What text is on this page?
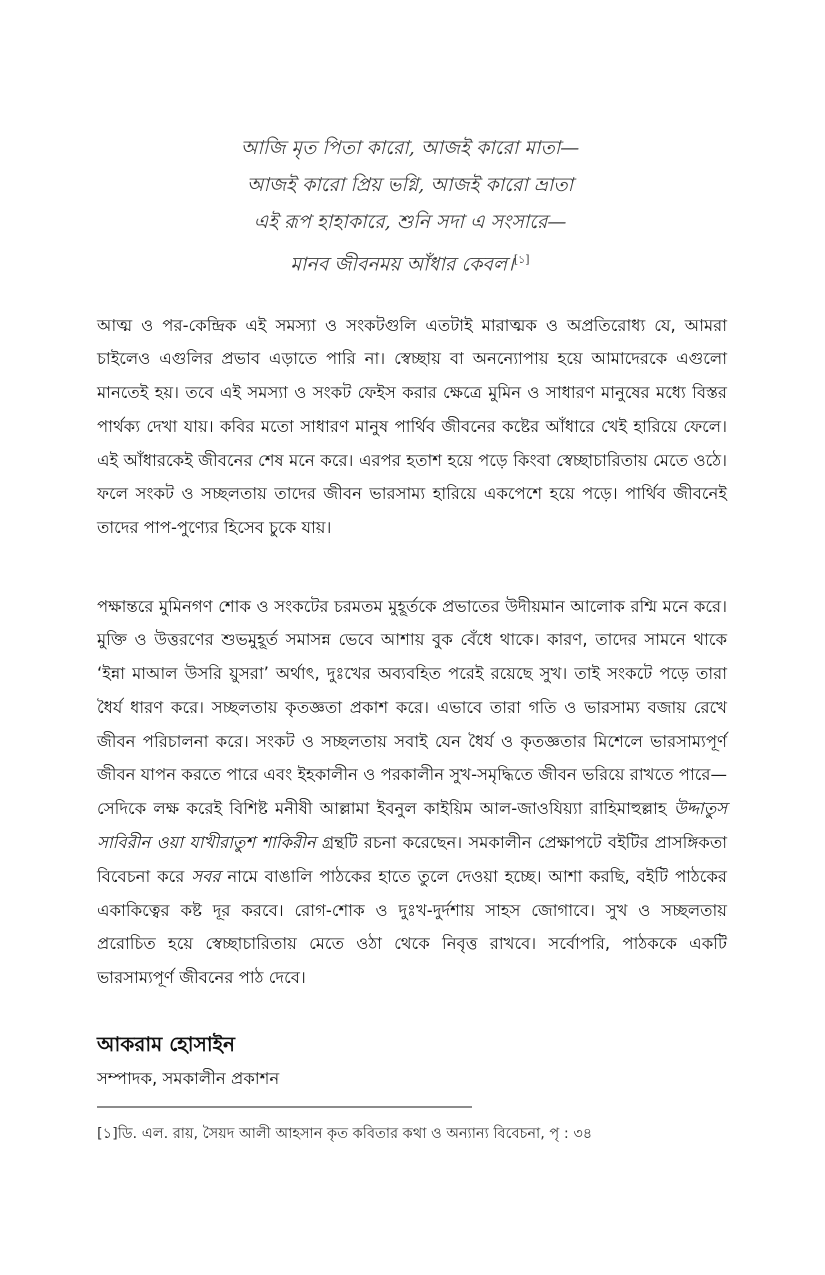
আজি মৃত পিতা কারো, আজই কারো মাতা—
আজই কারো প্রিয় ভগ্নি, আজই কারো ভ্রাতা
এই রূপ হাহাকারে, শুনি সদা এ সংসারে—
মানব জীবনময় আঁধার কেবল।[১]

আত্ম ও পর-কেন্দ্রিক এই সমস্যা ও সংকটগুলি এতটাই মারাত্মক ও অপ্রতিরোধ্য যে, আমরা চাইলেও এগুলির প্রভাব এড়াতে পারি না। স্বেচ্ছায় বা অনন্যোপায় হয়ে আমাদেরকে এগুলো মানতেই হয়। তবে এই সমস্যা ও সংকট ফেইস করার ক্ষেত্রে মুমিন ও সাধারণ মানুষের মধ্যে বিস্তর পার্থক্য দেখা যায়। কবির মতো সাধারণ মানুষ পার্থিব জীবনের কষ্টের আঁধারে খেই হারিয়ে ফেলে। এই আঁধারকেই জীবনের শেষ মনে করে। এরপর হতাশ হয়ে পড়ে কিংবা স্বেচ্ছাচারিতায় মেতে ওঠে। ফলে সংকট ও সচ্ছলতায় তাদের জীবন ভারসাম্য হারিয়ে একপেশে হয়ে পড়ে। পার্থিব জীবনেই তাদের পাপ-পুণ্যের হিসেব চুকে যায়।

পক্ষান্তরে মুমিনগণ শোক ও সংকটের চরমতম মুহূর্তকে প্রভাতের উদীয়মান আলোক রশ্মি মনে করে। মুক্তি ও উত্তরণের শুভমুহূর্ত সমাসন্ন ভেবে আশায় বুক বেঁধে থাকে। কারণ, তাদের সামনে থাকে ‘ইন্না মাআল উসরি য়ুসরা’ অর্থাৎ, দুঃখের অব্যবহিত পরেই রয়েছে সুখ। তাই সংকটে পড়ে তারা ধৈর্য ধারণ করে। সচ্ছলতায় কৃতজ্ঞতা প্রকাশ করে। এভাবে তারা গতি ও ভারসাম্য বজায় রেখে জীবন পরিচালনা করে। সংকট ও সচ্ছলতায় সবাই যেন ধৈর্য ও কৃতজ্ঞতার মিশেলে ভারসাম্যপূর্ণ জীবন যাপন করতে পারে এবং ইহকালীন ও পরকালীন সুখ-সমৃদ্ধিতে জীবন ভরিয়ে রাখতে পারে—সেদিকে লক্ষ করেই বিশিষ্ট মনীষী আল্লামা ইবনুল কাইয়িম আল-জাওযিয়্যা রাহিমাহুল্লাহ উদ্দাতুস সাবিরীন ওয়া যাখীরাতুশ শাকিরীন গ্রন্থটি রচনা করেছেন। সমকালীন প্রেক্ষাপটে বইটির প্রাসঙ্গিকতা বিবেচনা করে সবর নামে বাঙালি পাঠকের হাতে তুলে দেওয়া হচ্ছে। আশা করছি, বইটি পাঠকের একাকিত্বের কষ্ট দূর করবে। রোগ-শোক ও দুঃখ-দুর্দশায় সাহস জোগাবে। সুখ ও সচ্ছলতায় প্ররোচিত হয়ে স্বেচ্ছাচারিতায় মেতে ওঠা থেকে নিবৃত্ত রাখবে। সর্বোপরি, পাঠককে একটি ভারসাম্যপূর্ণ জীবনের পাঠ দেবে।

আকরাম হোসাইন
সম্পাদক, সমকালীন প্রকাশন
[১]ডি. এল. রায়, সৈয়দ আলী আহসান কৃত কবিতার কথা ও অন্যান্য বিবেচনা, পৃ : ৩৪
